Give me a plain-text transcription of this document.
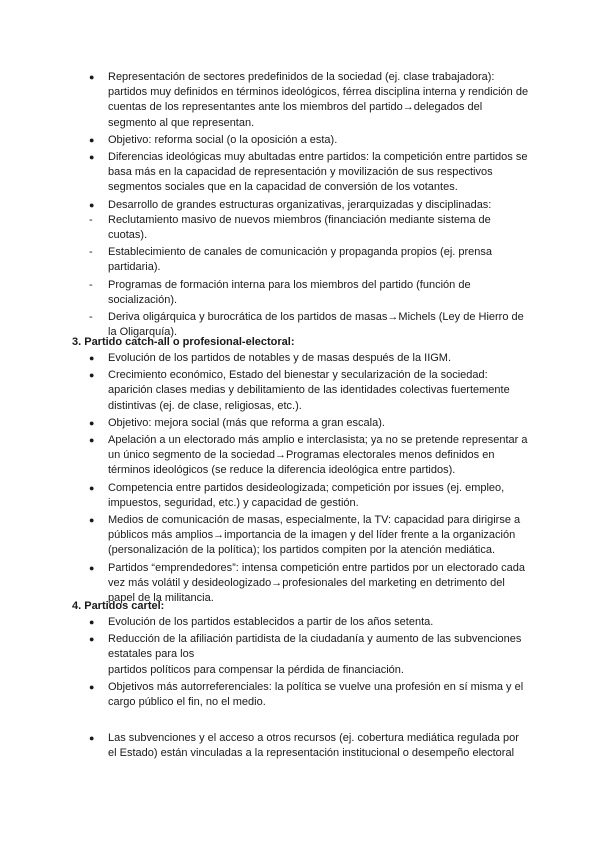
● Representación de sectores predefinidos de la sociedad (ej. clase trabajadora): partidos muy definidos en términos ideológicos, férrea disciplina interna y rendición de cuentas de los representantes ante los miembros del partido→delegados del segmento al que representan.
● Objetivo: reforma social (o la oposición a esta).
● Diferencias ideológicas muy abultadas entre partidos: la competición entre partidos se basa más en la capacidad de representación y movilización de sus respectivos segmentos sociales que en la capacidad de conversión de los votantes.
● Desarrollo de grandes estructuras organizativas, jerarquizadas y disciplinadas:
- Reclutamiento masivo de nuevos miembros (financiación mediante sistema de cuotas).
- Establecimiento de canales de comunicación y propaganda propios (ej. prensa partidaria).
- Programas de formación interna para los miembros del partido (función de socialización).
- Deriva oligárquica y burocrática de los partidos de masas→Michels (Ley de Hierro de la Oligarquía).
3. Partido catch-all o profesional-electoral:
● Evolución de los partidos de notables y de masas después de la IIGM.
● Crecimiento económico, Estado del bienestar y secularización de la sociedad: aparición clases medias y debilitamiento de las identidades colectivas fuertemente distintivas (ej. de clase, religiosas, etc.).
● Objetivo: mejora social (más que reforma a gran escala).
● Apelación a un electorado más amplio e interclasista; ya no se pretende representar a un único segmento de la sociedad→Programas electorales menos definidos en términos ideológicos (se reduce la diferencia ideológica entre partidos).
● Competencia entre partidos desideologizada; competición por issues (ej. empleo, impuestos, seguridad, etc.) y capacidad de gestión.
● Medios de comunicación de masas, especialmente, la TV: capacidad para dirigirse a públicos más amplios→importancia de la imagen y del líder frente a la organización (personalización de la política); los partidos compiten por la atención mediática.
● Partidos “emprendedores”: intensa competición entre partidos por un electorado cada vez más volátil y desideologizado→profesionales del marketing en detrimento del papel de la militancia.
4. Partidos cartel:
● Evolución de los partidos establecidos a partir de los años setenta.
● Reducción de la afiliación partidista de la ciudadanía y aumento de las subvenciones estatales para los
partidos políticos para compensar la pérdida de financiación.
● Objetivos más autorreferenciales: la política se vuelve una profesión en sí misma y el cargo público el fin, no el medio.
● Las subvenciones y el acceso a otros recursos (ej. cobertura mediática regulada por el Estado) están vinculadas a la representación institucional o desempeño electoral
